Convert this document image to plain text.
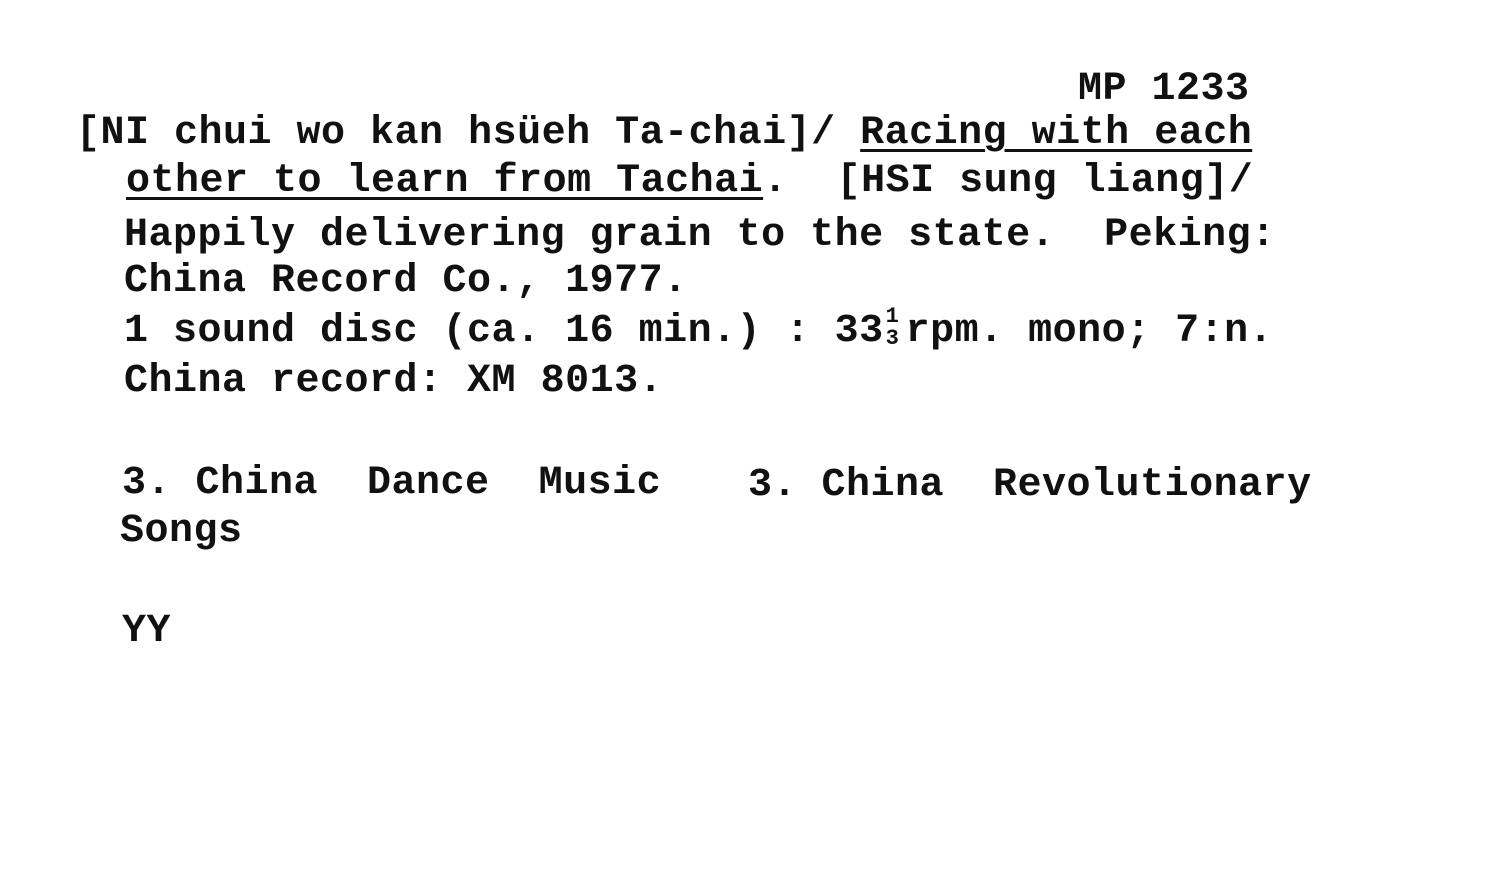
MP 1233
[NI chui wo kan hsüeh Ta-chai]/ Racing with each
other to learn from Tachai. [HSI sung liang]/
Happily delivering grain to the state.  Peking:
China Record Co., 1977.
1 sound disc (ca. 16 min.) : 33 1
3 rpm. mono; 7:n.
China record: XM 8013.
3. China  Dance  Music 3. China  Revolutionary
Songs
YY
